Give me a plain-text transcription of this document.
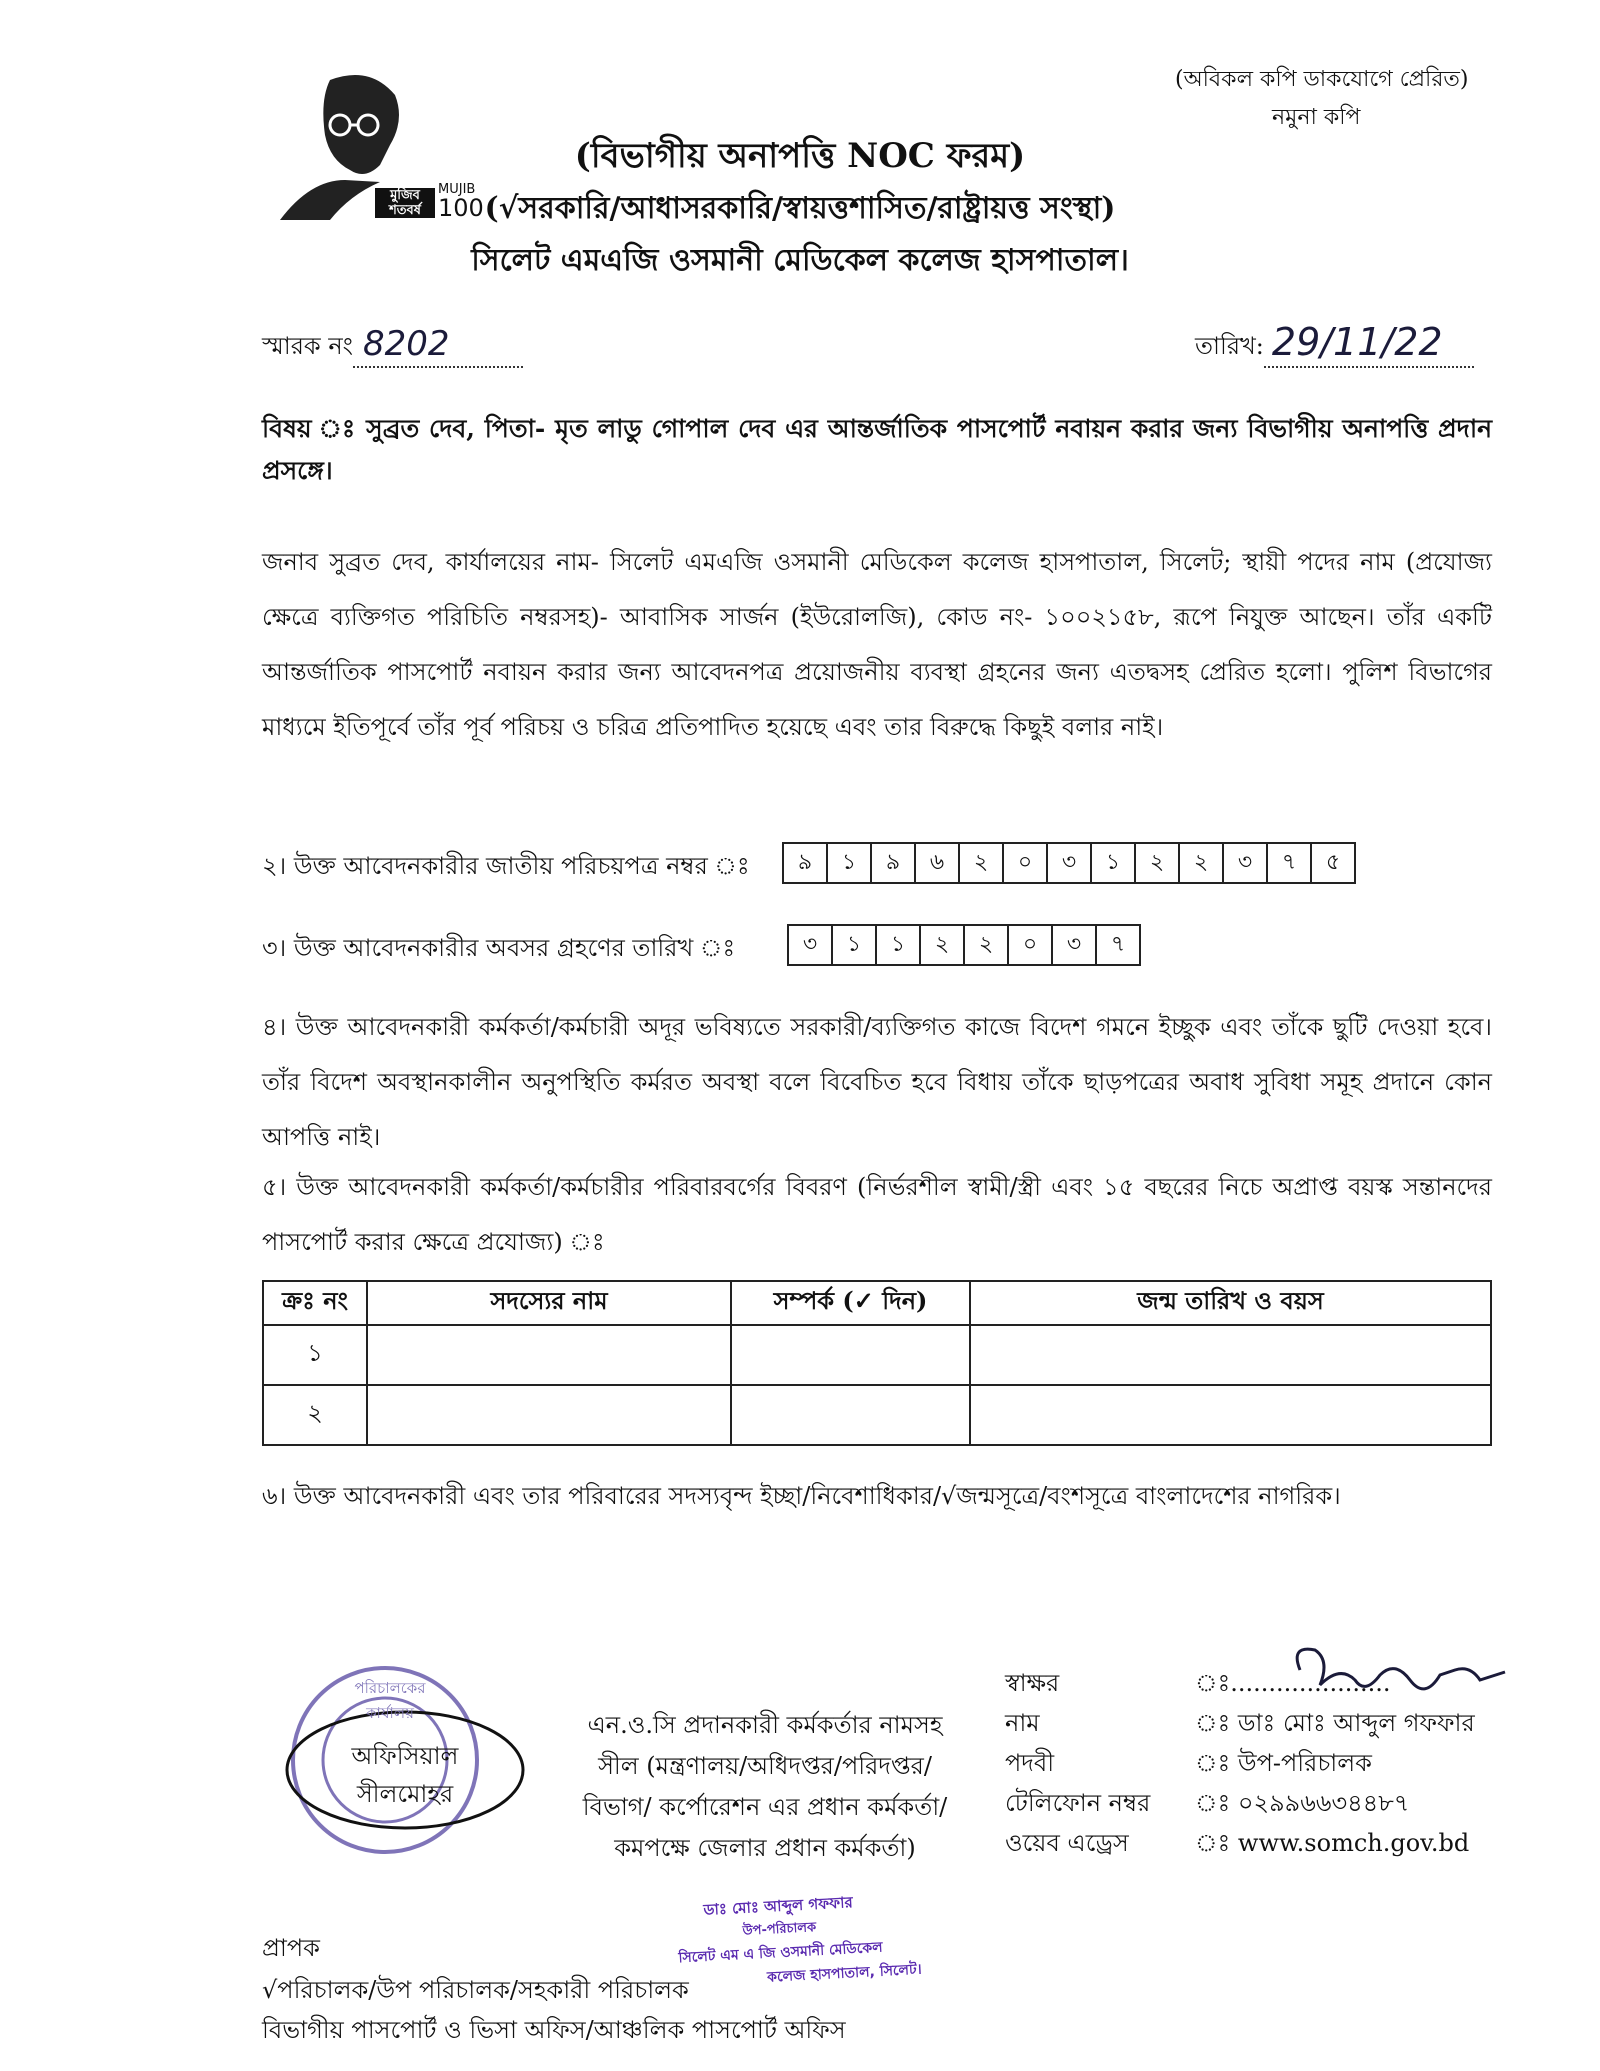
(অবিকল কপি ডাকযোগে প্রেরিত)
নমুনা কপি
মুজিব শতবর্ষ
MUJIB
100
(বিভাগীয় অনাপত্তি NOC ফরম)
(√সরকারি/আধাসরকারি/স্বায়ত্তশাসিত/রাষ্ট্রায়ত্ত সংস্থা)
সিলেট এমএজি ওসমানী মেডিকেল কলেজ হাসপাতাল।
স্মারক নং 8202	তারিখ: 29/11/22
বিষয় ঃ সুব্রত দেব, পিতা- মৃত লাডু গোপাল দেব এর আন্তর্জাতিক পাসপোর্ট নবায়ন করার জন্য বিভাগীয় অনাপত্তি প্রদান প্রসঙ্গে।
জনাব সুব্রত দেব, কার্যালয়ের নাম- সিলেট এমএজি ওসমানী মেডিকেল কলেজ হাসপাতাল, সিলেট; স্থায়ী পদের নাম (প্রযোজ্য ক্ষেত্রে ব্যক্তিগত পরিচিতি নম্বরসহ)- আবাসিক সার্জন (ইউরোলজি), কোড নং- ১০০২১৫৮, রূপে নিযুক্ত আছেন। তাঁর একটি আন্তর্জাতিক পাসপোর্ট নবায়ন করার জন্য আবেদনপত্র প্রয়োজনীয় ব্যবস্থা গ্রহনের জন্য এতদ্বসহ প্রেরিত হলো। পুলিশ বিভাগের মাধ্যমে ইতিপূর্বে তাঁর পূর্ব পরিচয় ও চরিত্র প্রতিপাদিত হয়েছে এবং তার বিরুদ্ধে কিছুই বলার নাই।
২। উক্ত আবেদনকারীর জাতীয় পরিচয়পত্র নম্বর ঃ	৯	১	৯	৬	২	০	৩	১	২	২	৩	৭	৫
৩। উক্ত আবেদনকারীর অবসর গ্রহণের তারিখ ঃ	৩	১	১	২	২	০	৩	৭
৪। উক্ত আবেদনকারী কর্মকর্তা/কর্মচারী অদূর ভবিষ্যতে সরকারী/ব্যক্তিগত কাজে বিদেশ গমনে ইচ্ছুক এবং তাঁকে ছুটি দেওয়া হবে। তাঁর বিদেশ অবস্থানকালীন অনুপস্থিতি কর্মরত অবস্থা বলে বিবেচিত হবে বিধায় তাঁকে ছাড়পত্রের অবাধ সুবিধা সমূহ প্রদানে কোন আপত্তি নাই।
৫। উক্ত আবেদনকারী কর্মকর্তা/কর্মচারীর পরিবারবর্গের বিবরণ (নির্ভরশীল স্বামী/স্ত্রী এবং ১৫ বছরের নিচে অপ্রাপ্ত বয়স্ক সন্তানদের পাসপোর্ট করার ক্ষেত্রে প্রযোজ্য) ঃ
ক্রঃ নং	সদস্যের নাম	সম্পর্ক (✓ দিন)	জন্ম তারিখ ও বয়স
১			
২			
৬। উক্ত আবেদনকারী এবং তার পরিবারের সদস্যবৃন্দ ইচ্ছা/নিবেশাধিকার/√জন্মসূত্রে/বংশসূত্রে বাংলাদেশের নাগরিক।
পরিচালকের কার্যালয়
অফিসিয়াল সীলমোহর
এন.ও.সি প্রদানকারী কর্মকর্তার নামসহ সীল (মন্ত্রণালয়/অধিদপ্তর/পরিদপ্তর/বিভাগ/ কর্পোরেশন এর প্রধান কর্মকর্তা/ কমপক্ষে জেলার প্রধান কর্মকর্তা)
স্বাক্ষর	ঃ.....................
নাম	ঃ ডাঃ মোঃ আব্দুল গফফার
পদবী	ঃ উপ-পরিচালক
টেলিফোন নম্বর	ঃ ০২৯৯৬৬৩৪৪৮৭
ওয়েব এড্রেস	ঃ www.somch.gov.bd
ডাঃ মোঃ আব্দুল গফফার
উপ-পরিচালক
সিলেট এম এ জি ওসমানী মেডিকেল
কলেজ হাসপাতাল, সিলেট।
প্রাপক
√পরিচালক/উপ পরিচালক/সহকারী পরিচালক
বিভাগীয় পাসপোর্ট ও ভিসা অফিস/আঞ্চলিক পাসপোর্ট অফিস
